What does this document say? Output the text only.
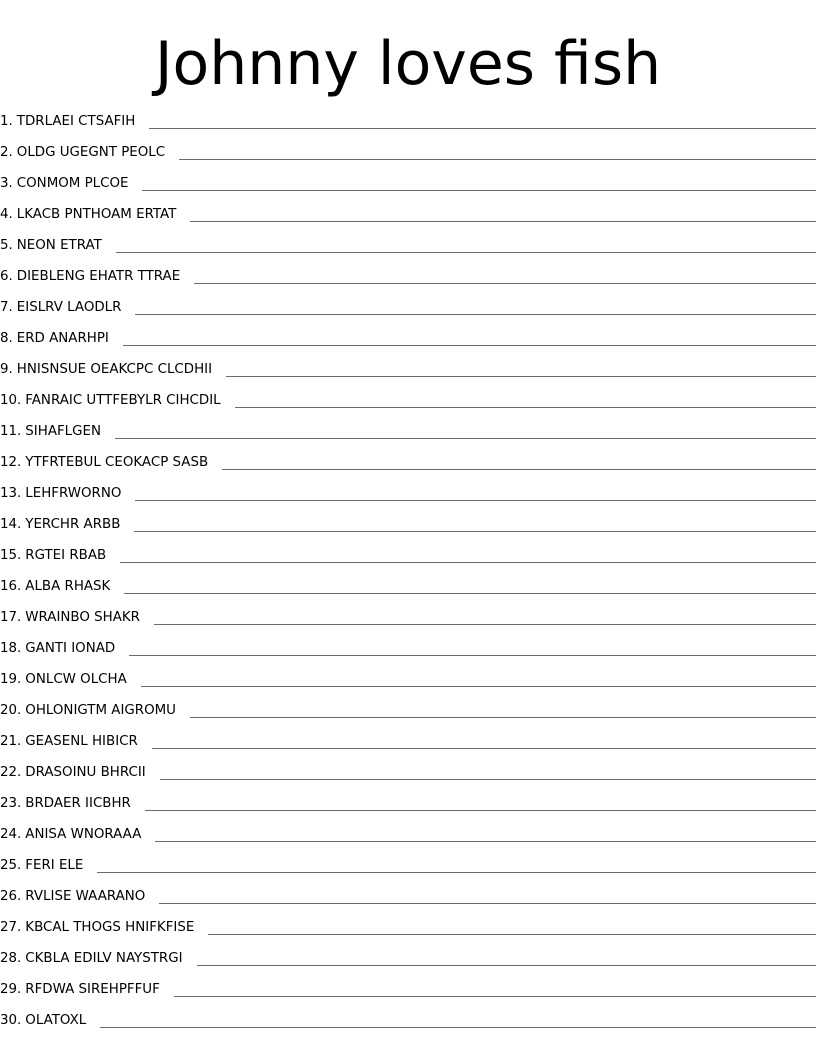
Johnny loves fish
1. TDRLAEI CTSAFIH
2. OLDG UGEGNT PEOLC
3. CONMOM PLCOE
4. LKACB PNTHOAM ERTAT
5. NEON ETRAT
6. DIEBLENG EHATR TTRAE
7. EISLRV LAODLR
8. ERD ANARHPI
9. HNISNSUE OEAKCPC CLCDHII
10. FANRAIC UTTFEBYLR CIHCDIL
11. SIHAFLGEN
12. YTFRTEBUL CEOKACP SASB
13. LEHFRWORNO
14. YERCHR ARBB
15. RGTEI RBAB
16. ALBA RHASK
17. WRAINBO SHAKR
18. GANTI IONAD
19. ONLCW OLCHA
20. OHLONIGTM AIGROMU
21. GEASENL HIBICR
22. DRASOINU BHRCII
23. BRDAER IICBHR
24. ANISA WNORAAA
25. FERI ELE
26. RVLISE WAARANO
27. KBCAL THOGS HNIFKFISE
28. CKBLA EDILV NAYSTRGI
29. RFDWA SIREHPFFUF
30. OLATOXL
